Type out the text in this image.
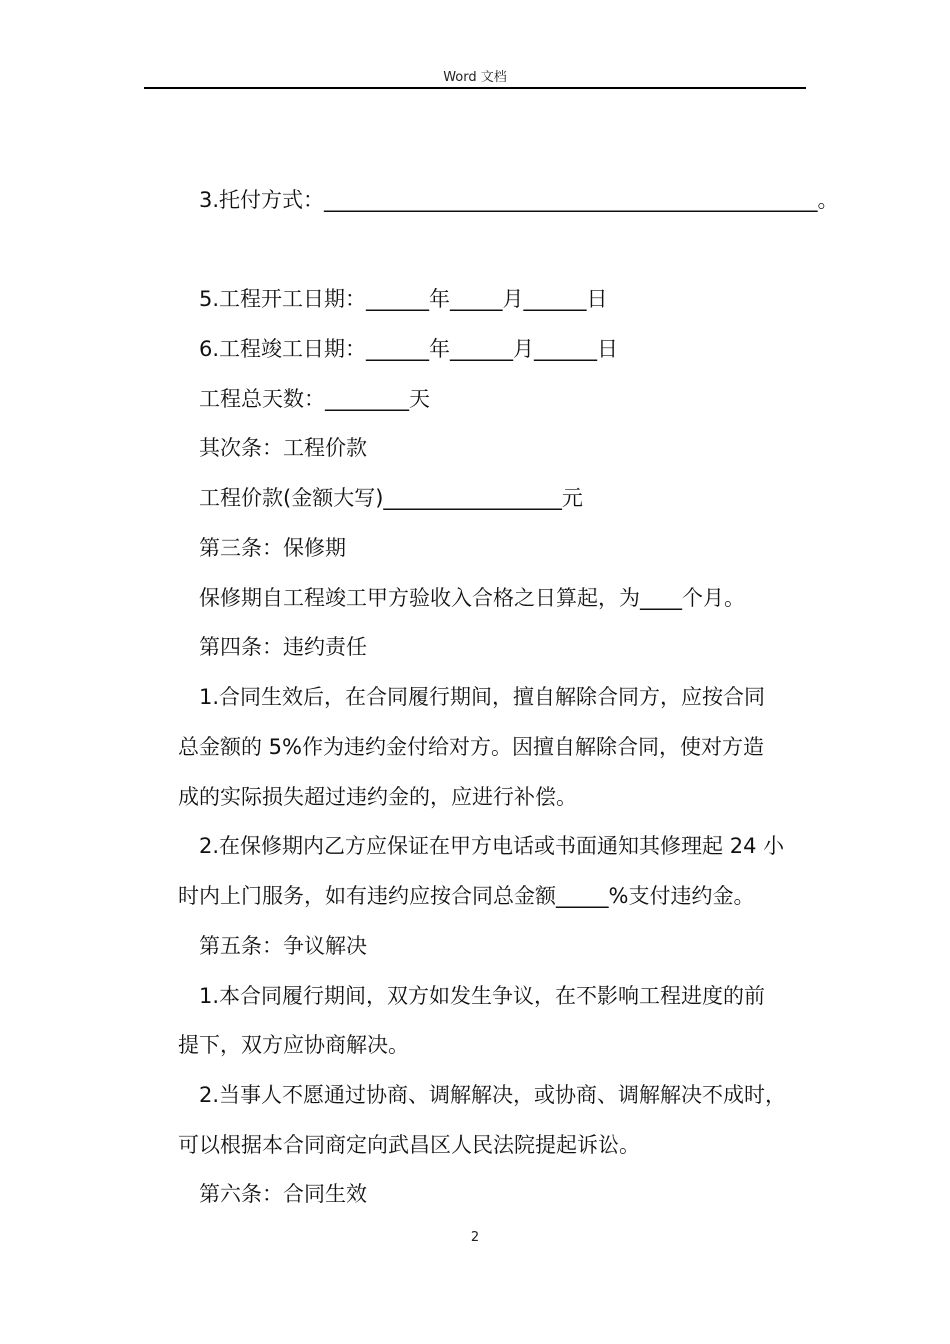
Word 文档
3.托付方式：_______________________________________________。
5.工程开工日期：______年_____月______日
6.工程竣工日期：______年______月______日
工程总天数：________天
其次条：工程价款
工程价款(金额大写)_________________元
第三条：保修期
保修期自工程竣工甲方验收入合格之日算起，为____个月。
第四条：违约责任
1.合同生效后，在合同履行期间，擅自解除合同方，应按合同
总金额的 5%作为违约金付给对方。因擅自解除合同，使对方造
成的实际损失超过违约金的，应进行补偿。
2.在保修期内乙方应保证在甲方电话或书面通知其修理起 24 小
时内上门服务，如有违约应按合同总金额_____%支付违约金。
第五条：争议解决
1.本合同履行期间，双方如发生争议，在不影响工程进度的前
提下，双方应协商解决。
2.当事人不愿通过协商、调解解决，或协商、调解解决不成时，
可以根据本合同商定向武昌区人民法院提起诉讼。
第六条：合同生效
2
